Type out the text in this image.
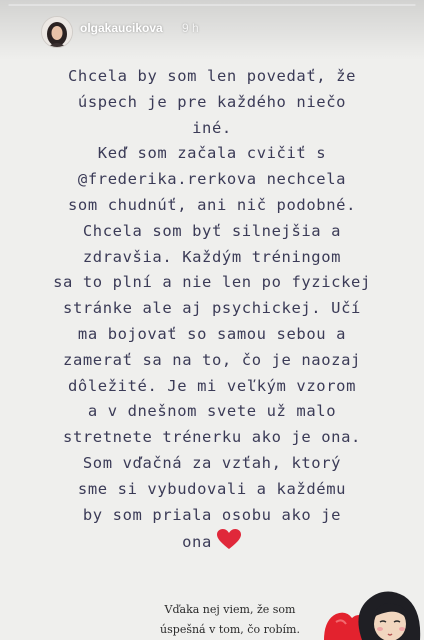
olgakaucikova 9 h
Chcela by som len povedať, že
úspech je pre každého niečo
iné.
Keď som začala cvičiť s
@frederika.rerkova nechcela
som chudnúť, ani nič podobné.
Chcela som byť silnejšia a
zdravšia. Každým tréningom
sa to plní a nie len po fyzickej
stránke ale aj psychickej. Učí
ma bojovať so samou sebou a
zamerať sa na to, čo je naozaj
dôležité. Je mi veľkým vzorom
a v dnešnom svete už malo
stretnete trénerku ako je ona.
Som vďačná za vzťah, ktorý
sme si vybudovali a každému
by som priala osobu ako je
ona
Vďaka nej viem, že som
úspešná v tom, čo robím.
